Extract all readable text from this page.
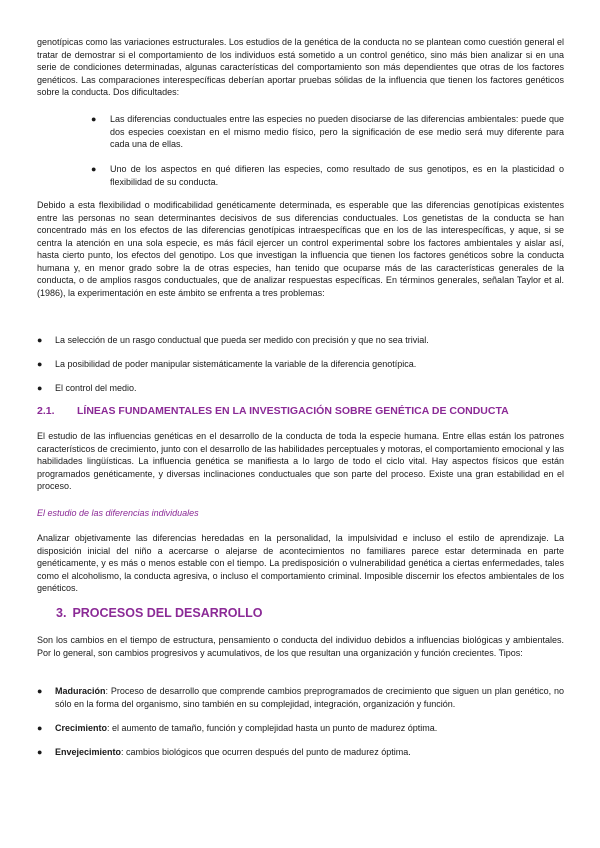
genotípicas como las variaciones estructurales. Los estudios de la genética de la conducta no se plantean como cuestión general el tratar de demostrar si el comportamiento de los individuos está sometido a un control genético, sino más bien analizar si en una serie de condiciones determinadas, algunas características del comportamiento son más dependientes que otras de los factores genéticos. Las comparaciones interespecíficas deberían aportar pruebas sólidas de la influencia que tienen los factores genéticos sobre la conducta. Dos dificultades:

● Las diferencias conductuales entre las especies no pueden disociarse de las diferencias ambientales: puede que dos especies coexistan en el mismo medio físico, pero la significación de ese medio será muy diferente para cada una de ellas.
● Uno de los aspectos en qué difieren las especies, como resultado de sus genotipos, es en la plasticidad o flexibilidad de su conducta.

Debido a esta flexibilidad o modificabilidad genéticamente determinada, es esperable que las diferencias genotípicas existentes entre las personas no sean determinantes decisivos de sus diferencias conductuales. Los genetistas de la conducta se han concentrado más en los efectos de las diferencias genotípicas intraespecíficas que en los de las interespecíficas, y aque, si se centra la atención en una sola especie, es más fácil ejercer un control experimental sobre los factores ambientales y aislar así, hasta cierto punto, los efectos del genotipo. Los que investigan la influencia que tienen los factores genéticos sobre la conducta humana y, en menor grado sobre la de otras especies, han tenido que ocuparse más de las características generales de la conducta, o de amplios rasgos conductuales, que de analizar respuestas específicas. En términos generales, señalan Taylor et al. (1986), la experimentación en este ámbito se enfrenta a tres problemas:

● La selección de un rasgo conductual que pueda ser medido con precisión y que no sea trivial.
● La posibilidad de poder manipular sistemáticamente la variable de la diferencia genotípica.
● El control del medio.
2.1. LÍNEAS FUNDAMENTALES EN LA INVESTIGACIÓN SOBRE GENÉTICA DE CONDUCTA

El estudio de las influencias genéticas en el desarrollo de la conducta de toda la especie humana. Entre ellas están los patrones característicos de crecimiento, junto con el desarrollo de las habilidades perceptuales y motoras, el comportamiento emocional y las habilidades lingüísticas. La influencia genética se manifiesta a lo largo de todo el ciclo vital. Hay aspectos físicos que están programados genéticamente, y diversas inclinaciones conductuales que son parte del proceso. Existe una gran estabilidad en el proceso.

El estudio de las diferencias individuales

Analizar objetivamente las diferencias heredadas en la personalidad, la impulsividad e incluso el estilo de aprendizaje. La disposición inicial del niño a acercarse o alejarse de acontecimientos no familiares parece estar determinada en parte genéticamente, y es más o menos estable con el tiempo. La predisposición o vulnerabilidad genética a ciertas enfermedades, tales como el alcoholismo, la conducta agresiva, o incluso el comportamiento criminal. Imposible discernir los efectos ambientales de los genéticos.

3. PROCESOS DEL DESARROLLO

Son los cambios en el tiempo de estructura, pensamiento o conducta del individuo debidos a influencias biológicas y ambientales. Por lo general, son cambios progresivos y acumulativos, de los que resultan una organización y función crecientes. Tipos:

● Maduración: Proceso de desarrollo que comprende cambios preprogramados de crecimiento que siguen un plan genético, no sólo en la forma del organismo, sino también en su complejidad, integración, organización y función.
● Crecimiento: el aumento de tamaño, función y complejidad hasta un punto de madurez óptima.
● Envejecimiento: cambios biológicos que ocurren después del punto de madurez óptima.
